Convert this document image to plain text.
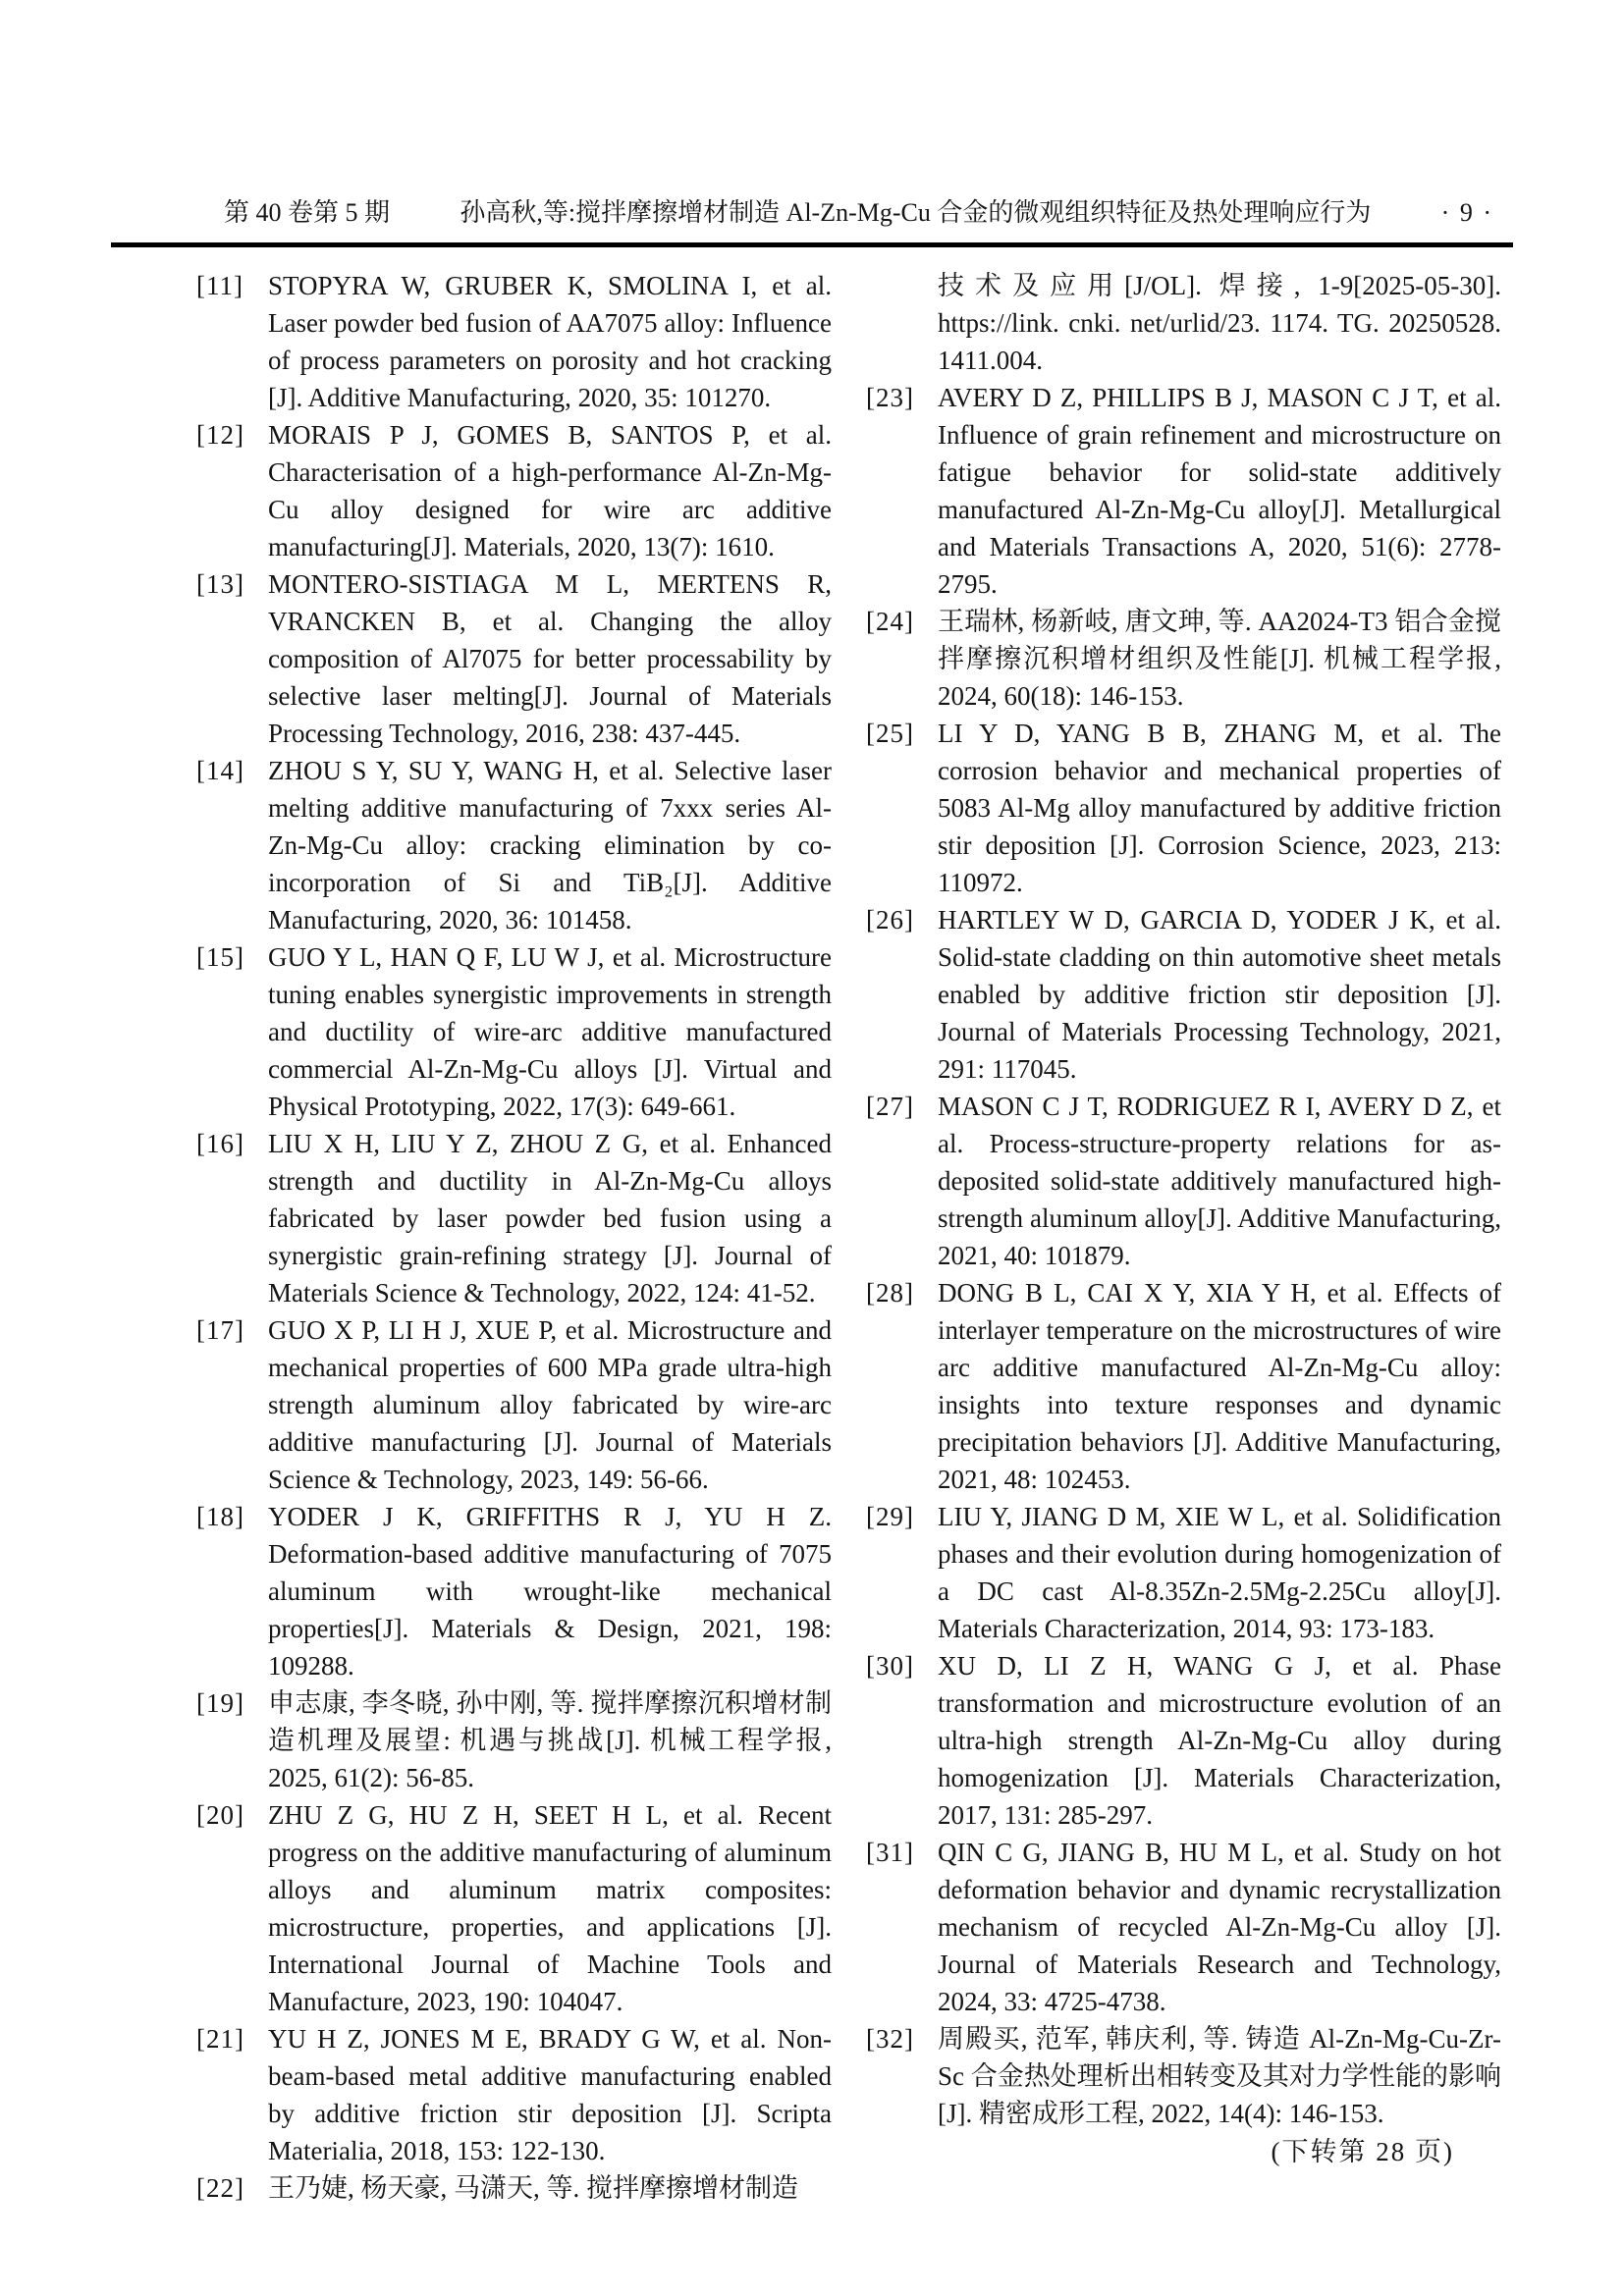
第 40 卷第 5 期	孙高秋,等:搅拌摩擦增材制造 Al-Zn-Mg-Cu 合金的微观组织特征及热处理响应行为	· 9 ·
[11] STOPYRA W, GRUBER K, SMOLINA I, et al. Laser powder bed fusion of AA7075 alloy: Influence of process parameters on porosity and hot cracking [J]. Additive Manufacturing, 2020, 35: 101270.
[12] MORAIS P J, GOMES B, SANTOS P, et al. Characterisation of a high-performance Al-Zn-Mg-Cu alloy designed for wire arc additive manufacturing[J]. Materials, 2020, 13(7): 1610.
[13] MONTERO-SISTIAGA M L, MERTENS R, VRANCKEN B, et al. Changing the alloy composition of Al7075 for better processability by selective laser melting[J]. Journal of Materials Processing Technology, 2016, 238: 437-445.
[14] ZHOU S Y, SU Y, WANG H, et al. Selective laser melting additive manufacturing of 7xxx series Al-Zn-Mg-Cu alloy: cracking elimination by co-incorporation of Si and TiB₂[J]. Additive Manufacturing, 2020, 36: 101458.
[15] GUO Y L, HAN Q F, LU W J, et al. Microstructure tuning enables synergistic improvements in strength and ductility of wire-arc additive manufactured commercial Al-Zn-Mg-Cu alloys [J]. Virtual and Physical Prototyping, 2022, 17(3): 649-661.
[16] LIU X H, LIU Y Z, ZHOU Z G, et al. Enhanced strength and ductility in Al-Zn-Mg-Cu alloys fabricated by laser powder bed fusion using a synergistic grain-refining strategy [J]. Journal of Materials Science & Technology, 2022, 124: 41-52.
[17] GUO X P, LI H J, XUE P, et al. Microstructure and mechanical properties of 600 MPa grade ultra-high strength aluminum alloy fabricated by wire-arc additive manufacturing [J]. Journal of Materials Science & Technology, 2023, 149: 56-66.
[18] YODER J K, GRIFFITHS R J, YU H Z. Deformation-based additive manufacturing of 7075 aluminum with wrought-like mechanical properties[J]. Materials & Design, 2021, 198: 109288.
[19] 申志康, 李冬晓, 孙中刚, 等. 搅拌摩擦沉积增材制造机理及展望: 机遇与挑战[J]. 机械工程学报, 2025, 61(2): 56-85.
[20] ZHU Z G, HU Z H, SEET H L, et al. Recent progress on the additive manufacturing of aluminum alloys and aluminum matrix composites: microstructure, properties, and applications [J]. International Journal of Machine Tools and Manufacture, 2023, 190: 104047.
[21] YU H Z, JONES M E, BRADY G W, et al. Non-beam-based metal additive manufacturing enabled by additive friction stir deposition [J]. Scripta Materialia, 2018, 153: 122-130.
[22] 王乃婕, 杨天豪, 马潇天, 等. 搅拌摩擦增材制造
技术及应用[J/OL]. 焊接, 1-9[2025-05-30]. https://link. cnki. net/urlid/23. 1174. TG. 20250528. 1411.004.
[23] AVERY D Z, PHILLIPS B J, MASON C J T, et al. Influence of grain refinement and microstructure on fatigue behavior for solid-state additively manufactured Al-Zn-Mg-Cu alloy[J]. Metallurgical and Materials Transactions A, 2020, 51(6): 2778-2795.
[24] 王瑞林, 杨新岐, 唐文珅, 等. AA2024-T3 铝合金搅拌摩擦沉积增材组织及性能[J]. 机械工程学报, 2024, 60(18): 146-153.
[25] LI Y D, YANG B B, ZHANG M, et al. The corrosion behavior and mechanical properties of 5083 Al-Mg alloy manufactured by additive friction stir deposition [J]. Corrosion Science, 2023, 213: 110972.
[26] HARTLEY W D, GARCIA D, YODER J K, et al. Solid-state cladding on thin automotive sheet metals enabled by additive friction stir deposition [J]. Journal of Materials Processing Technology, 2021, 291: 117045.
[27] MASON C J T, RODRIGUEZ R I, AVERY D Z, et al. Process-structure-property relations for as-deposited solid-state additively manufactured high-strength aluminum alloy[J]. Additive Manufacturing, 2021, 40: 101879.
[28] DONG B L, CAI X Y, XIA Y H, et al. Effects of interlayer temperature on the microstructures of wire arc additive manufactured Al-Zn-Mg-Cu alloy: insights into texture responses and dynamic precipitation behaviors [J]. Additive Manufacturing, 2021, 48: 102453.
[29] LIU Y, JIANG D M, XIE W L, et al. Solidification phases and their evolution during homogenization of a DC cast Al-8.35Zn-2.5Mg-2.25Cu alloy[J]. Materials Characterization, 2014, 93: 173-183.
[30] XU D, LI Z H, WANG G J, et al. Phase transformation and microstructure evolution of an ultra-high strength Al-Zn-Mg-Cu alloy during homogenization [J]. Materials Characterization, 2017, 131: 285-297.
[31] QIN C G, JIANG B, HU M L, et al. Study on hot deformation behavior and dynamic recrystallization mechanism of recycled Al-Zn-Mg-Cu alloy [J]. Journal of Materials Research and Technology, 2024, 33: 4725-4738.
[32] 周殿买, 范军, 韩庆利, 等. 铸造 Al-Zn-Mg-Cu-Zr-Sc 合金热处理析出相转变及其对力学性能的影响[J]. 精密成形工程, 2022, 14(4): 146-153.
(下转第 28 页)
